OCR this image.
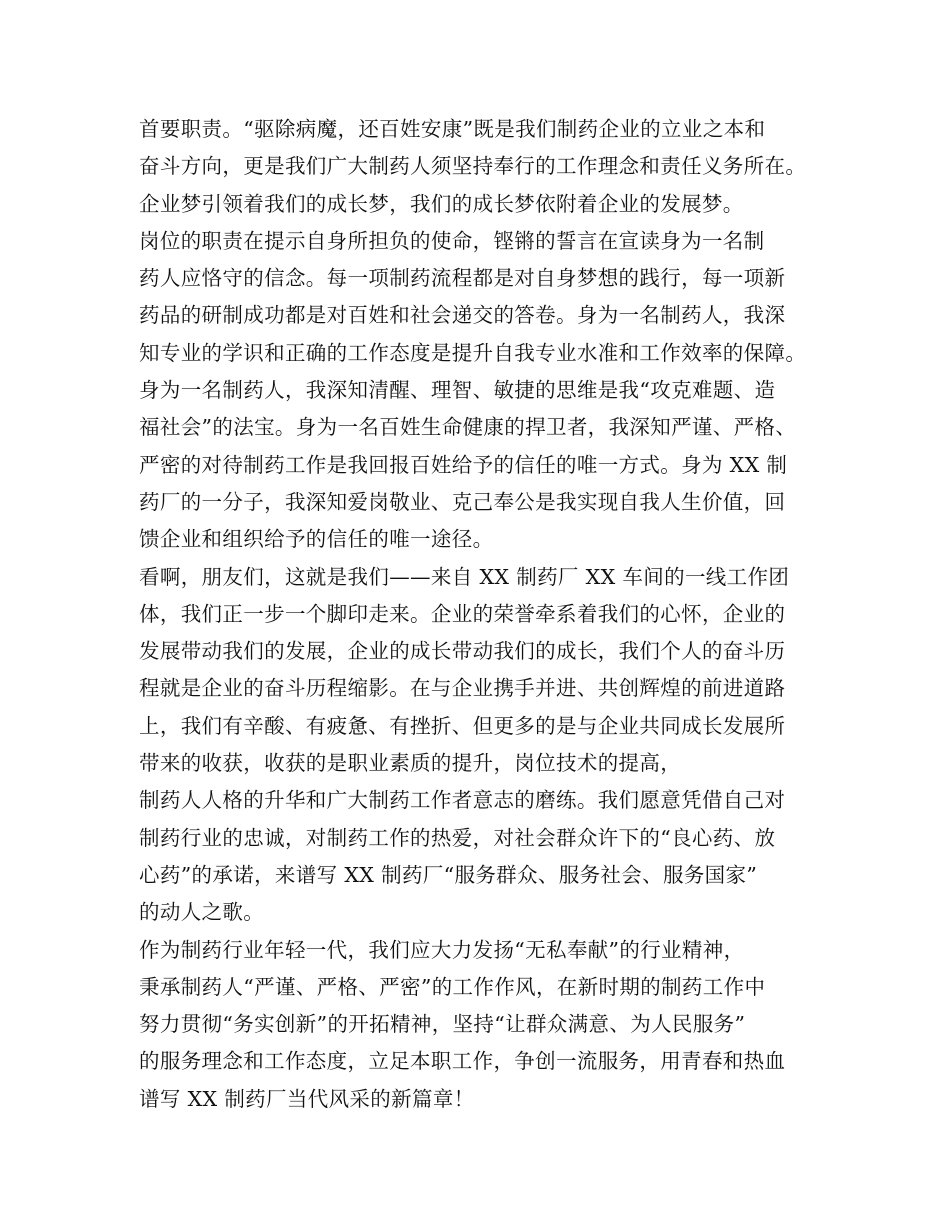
首要职责。“驱除病魔，还百姓安康”既是我们制药企业的立业之本和
奋斗方向，更是我们广大制药人须坚持奉行的工作理念和责任义务所在。
企业梦引领着我们的成长梦，我们的成长梦依附着企业的发展梦。
岗位的职责在提示自身所担负的使命，铿锵的誓言在宣读身为一名制
药人应恪守的信念。每一项制药流程都是对自身梦想的践行，每一项新
药品的研制成功都是对百姓和社会递交的答卷。身为一名制药人，我深
知专业的学识和正确的工作态度是提升自我专业水准和工作效率的保障。
身为一名制药人，我深知清醒、理智、敏捷的思维是我“攻克难题、造
福社会”的法宝。身为一名百姓生命健康的捍卫者，我深知严谨、严格、
严密的对待制药工作是我回报百姓给予的信任的唯一方式。身为 XX 制
药厂的一分子，我深知爱岗敬业、克己奉公是我实现自我人生价值，回
馈企业和组织给予的信任的唯一途径。
看啊，朋友们，这就是我们——来自 XX 制药厂 XX 车间的一线工作团
体，我们正一步一个脚印走来。企业的荣誉牵系着我们的心怀，企业的
发展带动我们的发展，企业的成长带动我们的成长，我们个人的奋斗历
程就是企业的奋斗历程缩影。在与企业携手并进、共创辉煌的前进道路
上，我们有辛酸、有疲惫、有挫折、但更多的是与企业共同成长发展所
带来的收获，收获的是职业素质的提升，岗位技术的提高，
制药人人格的升华和广大制药工作者意志的磨练。我们愿意凭借自己对
制药行业的忠诚，对制药工作的热爱，对社会群众许下的“良心药、放
心药”的承诺，来谱写 XX 制药厂“服务群众、服务社会、服务国家”
的动人之歌。
作为制药行业年轻一代，我们应大力发扬“无私奉献”的行业精神，
秉承制药人“严谨、严格、严密”的工作作风，在新时期的制药工作中
努力贯彻“务实创新”的开拓精神，坚持“让群众满意、为人民服务”
的服务理念和工作态度，立足本职工作，争创一流服务，用青春和热血
谱写 XX 制药厂当代风采的新篇章！
